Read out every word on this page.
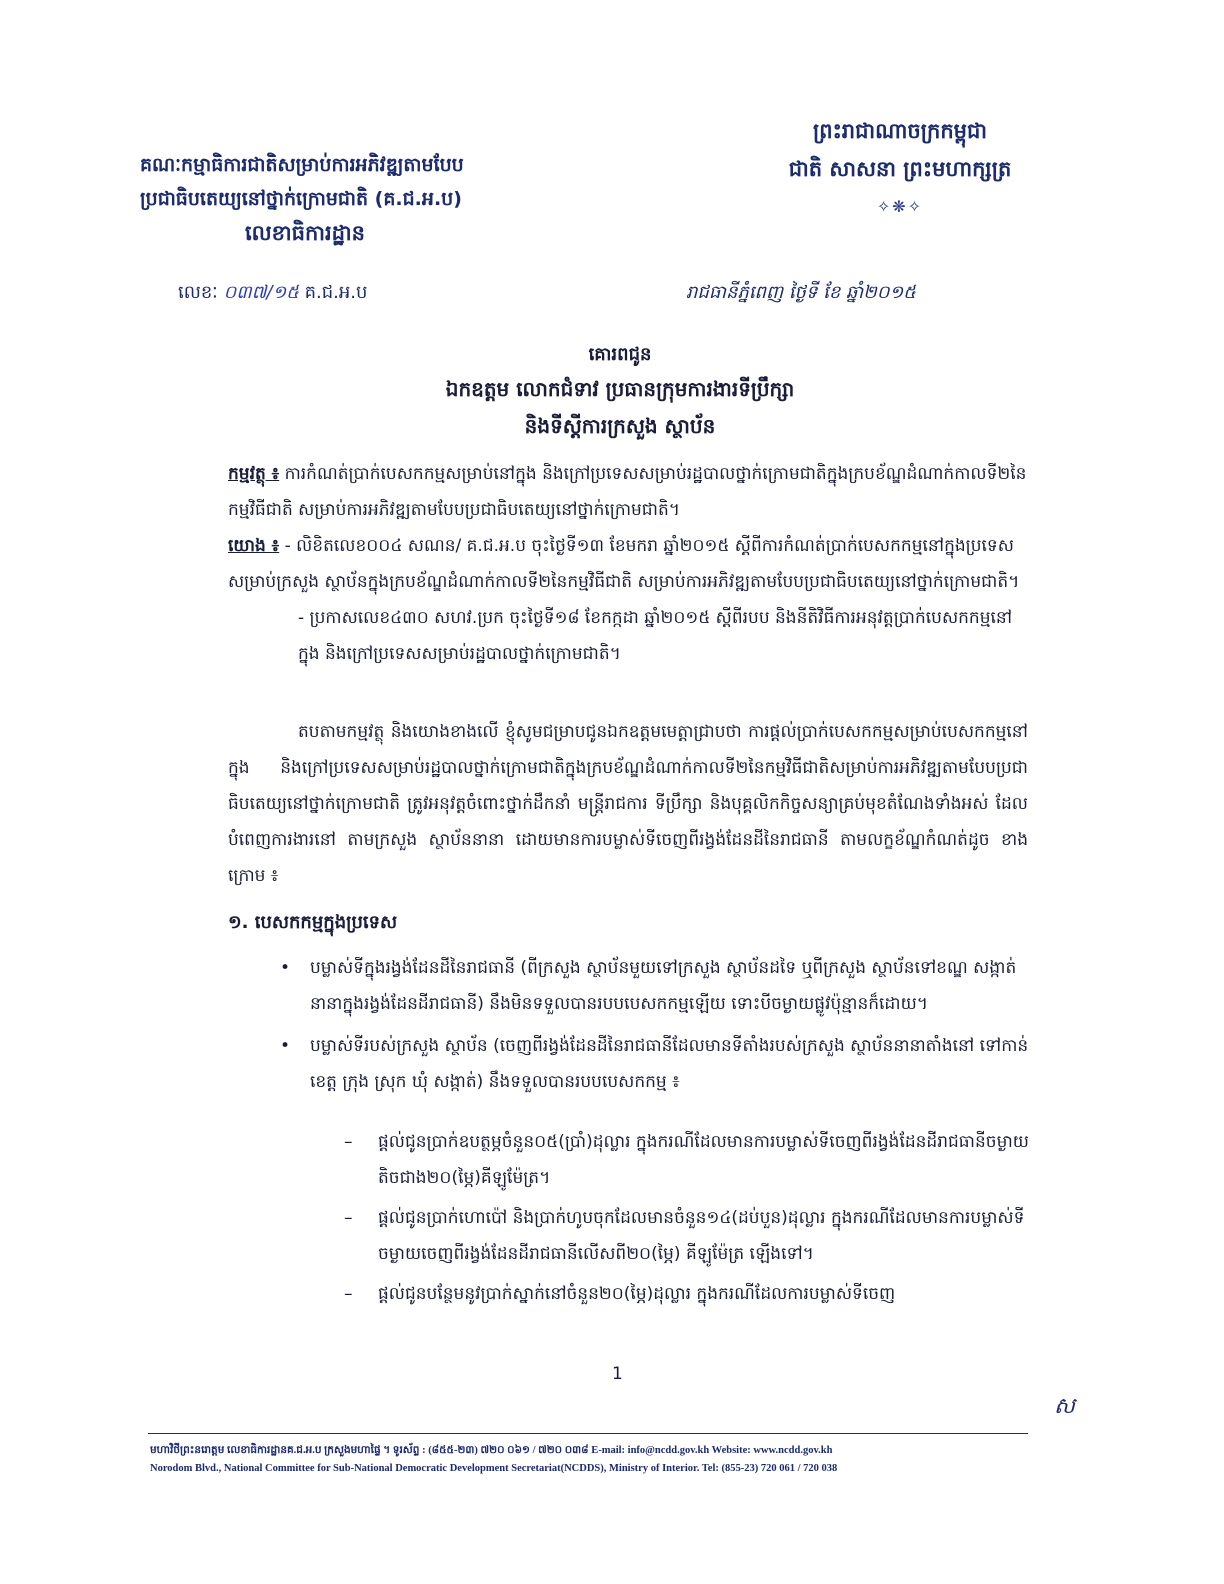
គណៈកម្មាធិការជាតិសម្រាប់ការអភិវឌ្ឍតាមបែប
ប្រជាធិបតេយ្យនៅថ្នាក់ក្រោមជាតិ (គ.ជ.អ.ប)
លេខាធិការដ្ឋាន
ព្រះរាជាណាចក្រកម្ពុជា
ជាតិ សាសនា ព្រះមហាក្សត្រ
✧❋✧
លេខៈ ០៣៧/១៥ គ.ជ.អ.ប	រាជធានីភ្នំពេញ ថ្ងៃទី ខែ ឆ្នាំ២០១៥
គោរពជូន
ឯកឧត្តម លោកជំទាវ ប្រធានក្រុមការងារទីប្រឹក្សា
និងទីស្តីការក្រសួង ស្ថាប័ន
កម្មវត្ថុ ៖ ការកំណត់ប្រាក់បេសកកម្មសម្រាប់នៅក្នុង និងក្រៅប្រទេសសម្រាប់រដ្ឋបាលថ្នាក់ក្រោមជាតិក្នុងក្របខ័ណ្ឌដំណាក់កាលទី២នៃកម្មវិធីជាតិ សម្រាប់ការអភិវឌ្ឍតាមបែបប្រជាធិបតេយ្យនៅថ្នាក់ក្រោមជាតិ។
យោង ៖ - លិខិតលេខ០០៤ សណន/ គ.ជ.អ.ប ចុះថ្ងៃទី១៣ ខែមករា ឆ្នាំ២០១៥ ស្តីពីការកំណត់ប្រាក់បេសកកម្មនៅក្នុងប្រទេសសម្រាប់ក្រសួង ស្ថាប័នក្នុងក្របខ័ណ្ឌដំណាក់កាលទី២នៃកម្មវិធីជាតិ សម្រាប់ការអភិវឌ្ឍតាមបែបប្រជាធិបតេយ្យនៅថ្នាក់ក្រោមជាតិ។
- ប្រកាសលេខ៤៣០ សហវ.ប្រក ចុះថ្ងៃទី១៨ ខែកក្កដា ឆ្នាំ២០១៥ ស្តីពីរបប និងនីតិវិធីការអនុវត្តប្រាក់បេសកកម្មនៅក្នុង និងក្រៅប្រទេសសម្រាប់រដ្ឋបាលថ្នាក់ក្រោមជាតិ។
តបតាមកម្មវត្ថុ និងយោងខាងលើ ខ្ញុំសូមជម្រាបជូនឯកឧត្តមមេត្តាជ្រាបថា ការផ្តល់ប្រាក់បេសកកម្មសម្រាប់បេសកកម្មនៅក្នុង និងក្រៅប្រទេសសម្រាប់រដ្ឋបាលថ្នាក់ក្រោមជាតិក្នុងក្របខ័ណ្ឌដំណាក់កាលទី២នៃកម្មវិធីជាតិសម្រាប់ការអភិវឌ្ឍតាមបែបប្រជាធិបតេយ្យនៅថ្នាក់ក្រោមជាតិ ត្រូវអនុវត្តចំពោះថ្នាក់ដឹកនាំ មន្ត្រីរាជការ ទីប្រឹក្សា និងបុគ្គលិកកិច្ចសន្យាគ្រប់មុខតំណែងទាំងអស់ ដែលបំពេញការងារនៅ តាមក្រសួង ស្ថាប័ននានា ដោយមានការបម្លាស់ទីចេញពីរង្វង់ដែនដីនៃរាជធានី តាមលក្ខខ័ណ្ឌកំណត់ដូច ខាងក្រោម ៖
១. បេសកកម្មក្នុងប្រទេស
• បម្លាស់ទីក្នុងរង្វង់ដែនដីនៃរាជធានី (ពីក្រសួង ស្ថាប័នមួយទៅក្រសួង ស្ថាប័នដទៃ ឬពីក្រសួង ស្ថាប័នទៅខណ្ឌ សង្កាត់នានាក្នុងរង្វង់ដែនដីរាជធានី) នឹងមិនទទួលបានរបបបេសកកម្មឡើយ ទោះបីចម្ងាយផ្លូវប៉ុន្មានក៏ដោយ។
• បម្លាស់ទីរបស់ក្រសួង ស្ថាប័ន (ចេញពីរង្វង់ដែនដីនៃរាជធានីដែលមានទីតាំងរបស់ក្រសួង ស្ថាប័ននានាតាំងនៅ ទៅកាន់ខេត្ត ក្រុង ស្រុក ឃុំ សង្កាត់) នឹងទទួលបានរបបបេសកកម្ម ៖
– ផ្តល់ជូនប្រាក់ឧបត្ថម្ភចំនួន០៥(ប្រាំ)ដុល្លារ ក្នុងករណីដែលមានការបម្លាស់ទីចេញពីរង្វង់ដែនដីរាជធានីចម្ងាយតិចជាង២០(ម្ភៃ)គីឡូម៉ែត្រ។
– ផ្តល់ជូនប្រាក់ហោប៉ៅ និងប្រាក់ហូបចុកដែលមានចំនួន១៤(ដប់បួន)ដុល្លារ ក្នុងករណីដែលមានការបម្លាស់ទីចម្ងាយចេញពីរង្វង់ដែនដីរាជធានីលើសពី២០(ម្ភៃ) គីឡូម៉ែត្រ ឡើងទៅ។
– ផ្តល់ជូនបន្ថែមនូវប្រាក់ស្នាក់នៅចំនួន២០(ម្ភៃ)ដុល្លារ ក្នុងករណីដែលការបម្លាស់ទីចេញ
1
ស
មហាវិថីព្រះនរោត្តម លេខាធិការដ្ឋានគ.ជ.អ.ប ក្រសួងមហាផ្ទៃ ។ ទូរស័ព្ទ : (៨៥៥-២៣) ៧២០ ០៦១ / ៧២០ ០៣៨ E-mail: info@ncdd.gov.kh Website: www.ncdd.gov.kh
Norodom Blvd., National Committee for Sub-National Democratic Development Secretariat(NCDDS), Ministry of Interior. Tel: (855-23) 720 061 / 720 038
